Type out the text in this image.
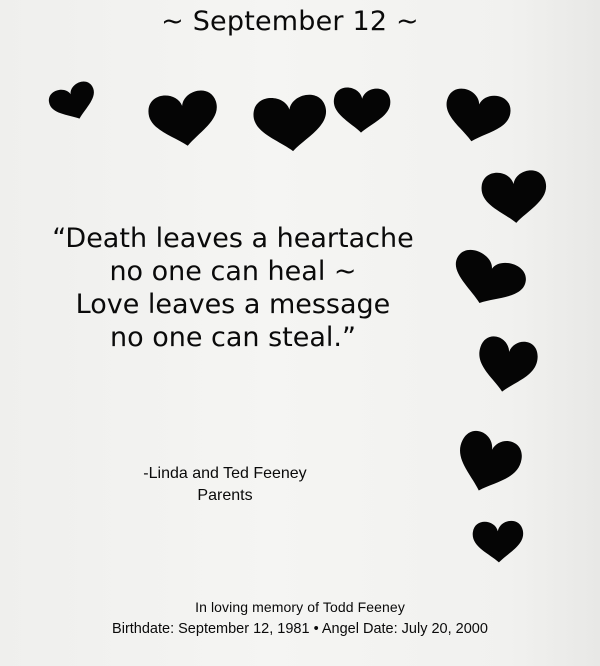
~ September 12 ~
“Death leaves a heartache
no one can heal ~
Love leaves a message
no one can steal.”
-Linda and Ted Feeney
Parents
In loving memory of Todd Feeney
Birthdate: September 12, 1981 • Angel Date: July 20, 2000
